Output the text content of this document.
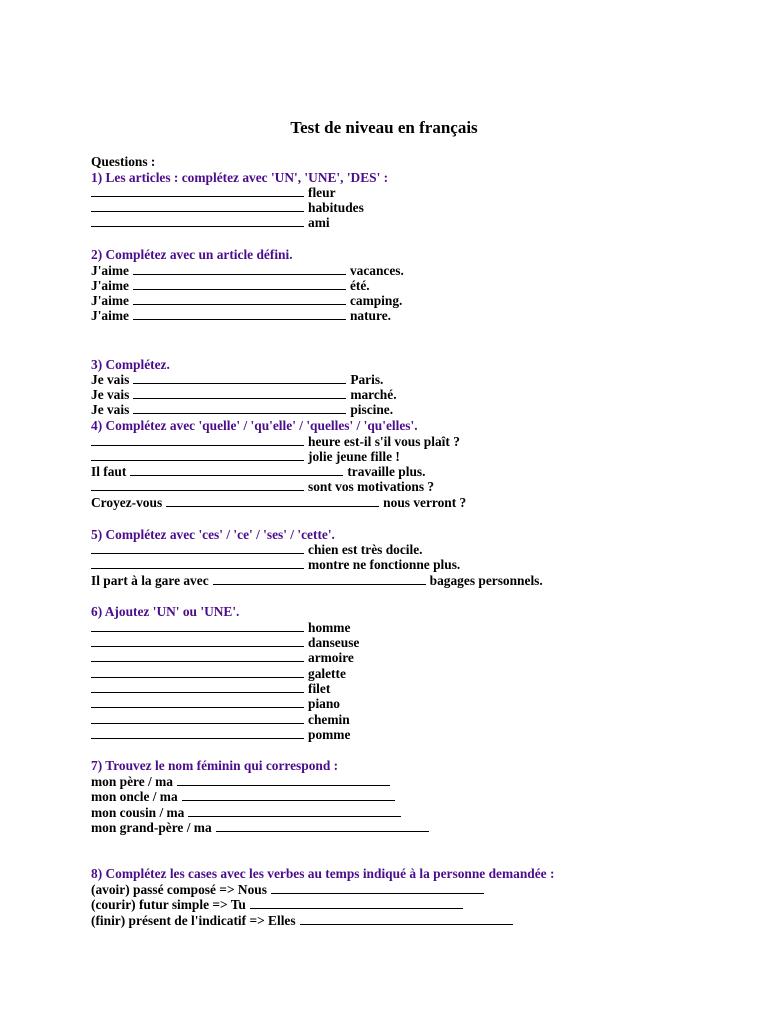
Test de niveau en français
Questions :
1) Les articles : complétez avec 'UN', 'UNE', 'DES' :
fleur
habitudes
ami
2) Complétez avec un article défini.
J'aime	vacances.
J'aime	été.
J'aime	camping.
J'aime	nature.
3) Complétez.
Je vais	Paris.
Je vais	marché.
Je vais	piscine.
4) Complétez avec 'quelle' / 'qu'elle' / 'quelles' / 'qu'elles'.
heure est-il s'il vous plaît ?
jolie jeune fille !
Il faut	travaille plus.
sont vos motivations ?
Croyez-vous	nous verront ?
5) Complétez avec 'ces' / 'ce' / 'ses' / 'cette'.
chien est très docile.
montre ne fonctionne plus.
Il part à la gare avec	bagages personnels.
6) Ajoutez 'UN' ou 'UNE'.
homme
danseuse
armoire
galette
filet
piano
chemin
pomme
7) Trouvez le nom féminin qui correspond :
mon père / ma
mon oncle / ma
mon cousin / ma
mon grand-père / ma
8) Complétez les cases avec les verbes au temps indiqué à la personne demandée :
(avoir) passé composé => Nous
(courir) futur simple => Tu
(finir) présent de l'indicatif => Elles
